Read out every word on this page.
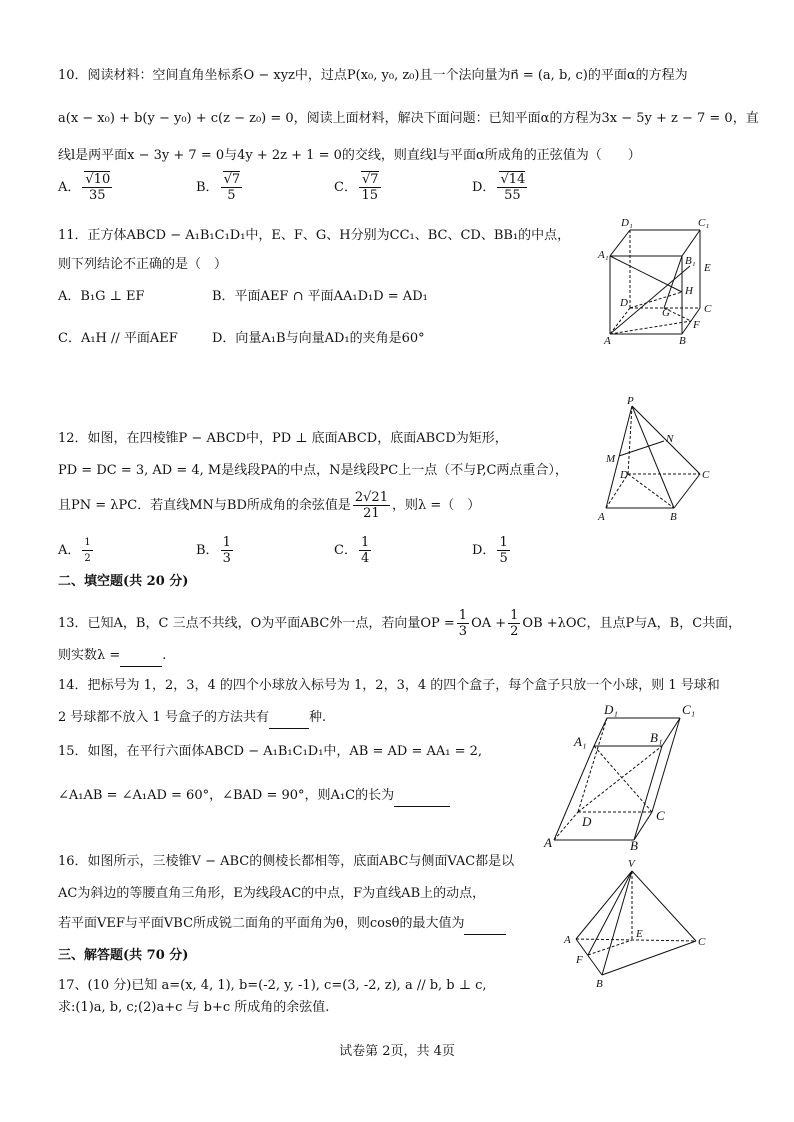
10．阅读材料：空间直角坐标系O − xyz中，过点P(x₀, y₀, z₀)且一个法向量为n⃗ = (a, b, c)的平面α的方程为
a(x − x₀) + b(y − y₀) + c(z − z₀) = 0，阅读上面材料，解决下面问题：已知平面α的方程为3x − 5y + z − 7 = 0，直
线l是两平面x − 3y + 7 = 0与4y + 2z + 1 = 0的交线，则直线l与平面α所成角的正弦值为（　　）
A． $\frac{√10}{35}$	B． $\frac{√7}{5}$	C． $\frac{√7}{15}$	D． $\frac{√14}{55}$
11．正方体ABCD − A₁B₁C₁D₁中，E、F、G、H分别为CC₁、BC、CD、BB₁的中点，
则下列结论不正确的是（　）
A．B₁G ⊥ EF	B．平面AEF ∩ 平面AA₁D₁D = AD₁
C．A₁H // 平面AEF	D．向量A₁B与向量AD₁的夹角是60°
D₁	C₁
A₁	B₁
E
H
G
D	C
F
A	B
12．如图，在四棱锥P − ABCD中，PD ⊥ 底面ABCD，底面ABCD为矩形，
PD = DC = 3, AD = 4, M是线段PA的中点，N是线段PC上一点（不与P,C两点重合），
且PN = λPC．若直线MN与BD所成角的余弦值是 $\frac{2√21}{21}$ ，则λ =（　）
A． $\frac{1}{2}$	B． $\frac{1}{3}$	C． $\frac{1}{4}$	D． $\frac{1}{5}$
P
N
M
D	C
A	B
二、填空题(共 20 分)
13．已知A，B，C 三点不共线，O为平面ABC外一点，若向量OP = $\frac{1}{3}$ OA + $\frac{1}{2}$ OB +λOC，且点P与A，B，C共面，
则实数λ =	.
14．把标号为 1，2，3，4 的四个小球放入标号为 1，2，3，4 的四个盒子，每个盒子只放一个小球，则 1 号球和
2 号球都不放入 1 号盒子的方法共有	种.
15．如图，在平行六面体ABCD − A₁B₁C₁D₁中，AB = AD = AA₁ = 2,
∠A₁AB = ∠A₁AD = 60°，∠BAD = 90°，则A₁C的长为
D₁	C₁
A₁	B₁
D	C
A	B
16．如图所示，三棱锥V − ABC的侧棱长都相等，底面ABC与侧面VAC都是以
AC为斜边的等腰直角三角形，E为线段AC的中点，F为直线AB上的动点，
若平面VEF与平面VBC所成锐二面角的平面角为θ，则cosθ的最大值为
V
A	E
C
F
B
三、解答题(共 70 分)
17、(10 分)已知 a=(x, 4, 1), b=(-2, y, -1), c=(3, -2, z), a // b, b ⊥ c,
求:(1)a, b, c;(2)a+c 与 b+c 所成角的余弦值.
试卷第 2页，共 4页
